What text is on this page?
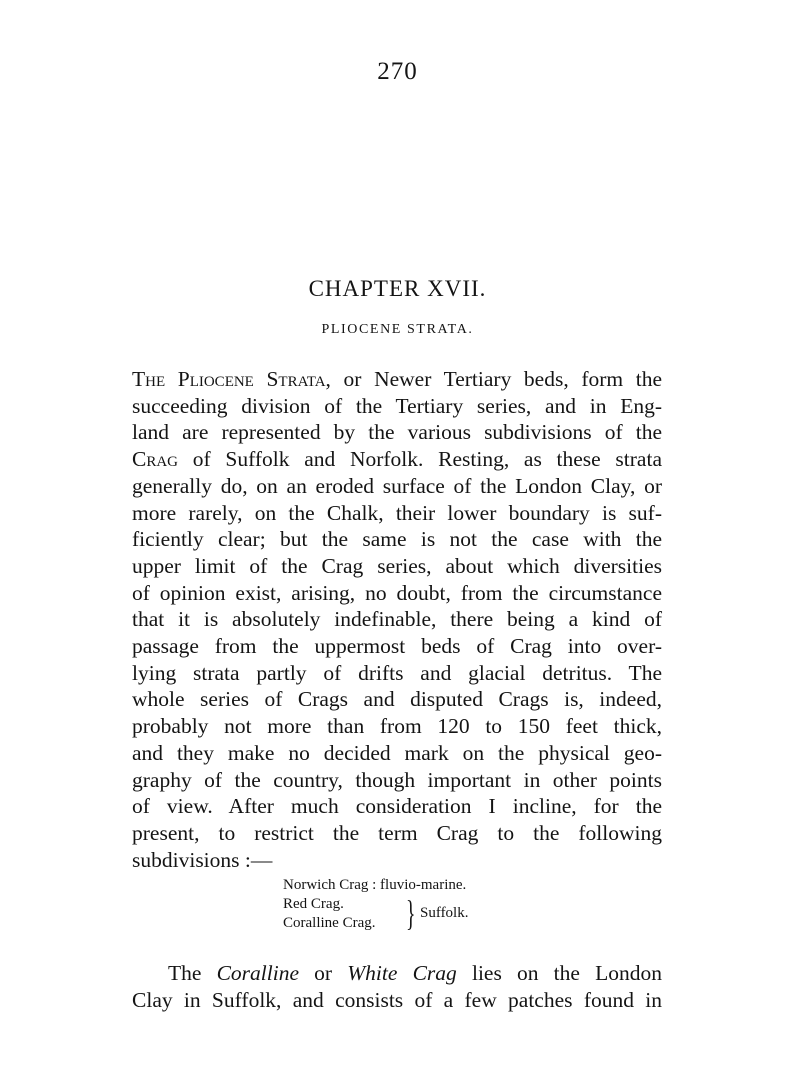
270
CHAPTER XVII.
PLIOCENE STRATA.
The Pliocene Strata, or Newer Tertiary beds, form the
succeeding division of the Tertiary series, and in Eng-
land are represented by the various subdivisions of the
Crag of Suffolk and Norfolk. Resting, as these strata
generally do, on an eroded surface of the London Clay, or
more rarely, on the Chalk, their lower boundary is suf-
ficiently clear; but the same is not the case with the
upper limit of the Crag series, about which diversities
of opinion exist, arising, no doubt, from the circumstance
that it is absolutely indefinable, there being a kind of
passage from the uppermost beds of Crag into over-
lying strata partly of drifts and glacial detritus. The
whole series of Crags and disputed Crags is, indeed,
probably not more than from 120 to 150 feet thick,
and they make no decided mark on the physical geo-
graphy of the country, though important in other points
of view. After much consideration I incline, for the
present, to restrict the term Crag to the following
subdivisions :—
Norwich Crag : fluvio-marine.
Red Crag.
Coralline Crag. } Suffolk.
The Coralline or White Crag lies on the London
Clay in Suffolk, and consists of a few patches found in
